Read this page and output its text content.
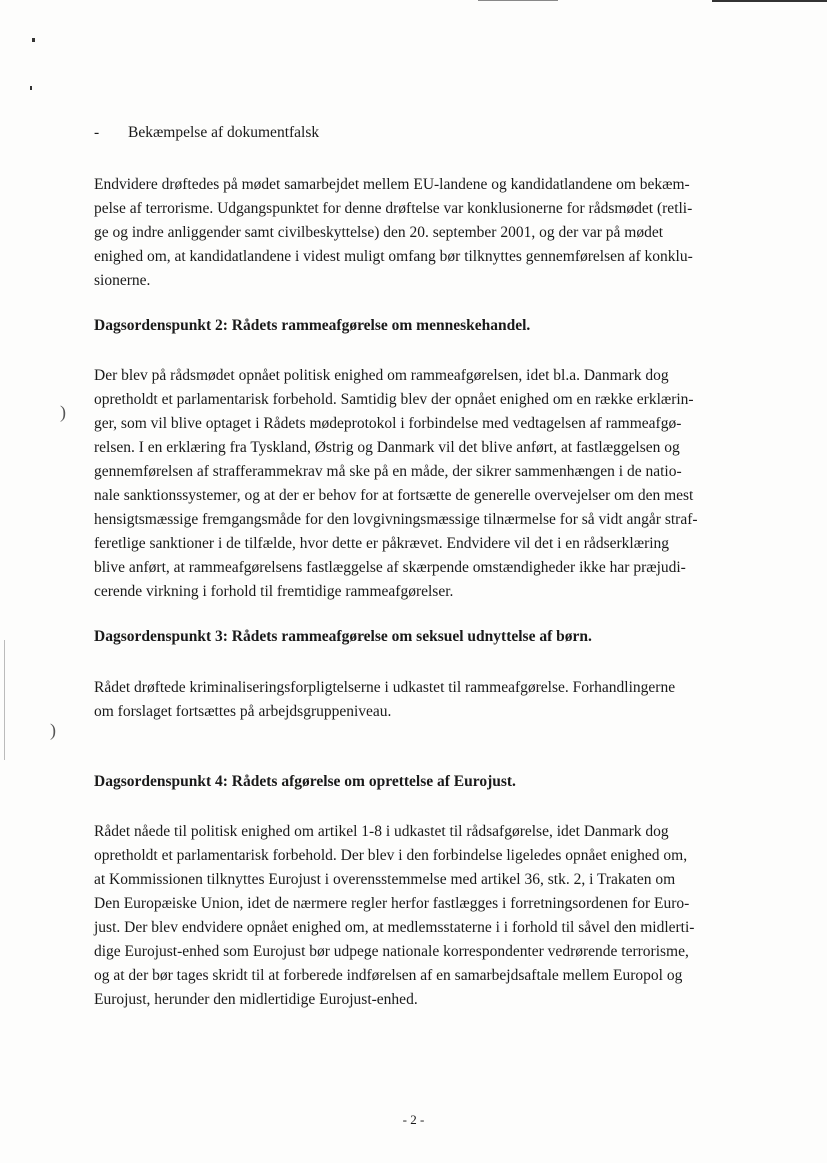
)
)
- Bekæmpelse af dokumentfalsk
Endvidere drøftedes på mødet samarbejdet mellem EU-landene og kandidatlandene om bekæm-
pelse af terrorisme. Udgangspunktet for denne drøftelse var konklusionerne for rådsmødet (retli-
ge og indre anliggender samt civilbeskyttelse) den 20. september 2001, og der var på mødet
enighed om, at kandidatlandene i videst muligt omfang bør tilknyttes gennemførelsen af konklu-
sionerne.
Dagsordenspunkt 2: Rådets rammeafgørelse om menneskehandel.
Der blev på rådsmødet opnået politisk enighed om rammeafgørelsen, idet bl.a. Danmark dog
opretholdt et parlamentarisk forbehold. Samtidig blev der opnået enighed om en række erklærin-
ger, som vil blive optaget i Rådets mødeprotokol i forbindelse med vedtagelsen af rammeafgø-
relsen. I en erklæring fra Tyskland, Østrig og Danmark vil det blive anført, at fastlæggelsen og
gennemførelsen af strafferammekrav må ske på en måde, der sikrer sammenhængen i de natio-
nale sanktionssystemer, og at der er behov for at fortsætte de generelle overvejelser om den mest
hensigtsmæssige fremgangsmåde for den lovgivningsmæssige tilnærmelse for så vidt angår straf-
feretlige sanktioner i de tilfælde, hvor dette er påkrævet. Endvidere vil det i en rådserklæring
blive anført, at rammeafgørelsens fastlæggelse af skærpende omstændigheder ikke har præjudi-
cerende virkning i forhold til fremtidige rammeafgørelser.
Dagsordenspunkt 3: Rådets rammeafgørelse om seksuel udnyttelse af børn.
Rådet drøftede kriminaliseringsforpligtelserne i udkastet til rammeafgørelse. Forhandlingerne
om forslaget fortsættes på arbejdsgruppeniveau.
Dagsordenspunkt 4: Rådets afgørelse om oprettelse af Eurojust.
Rådet nåede til politisk enighed om artikel 1-8 i udkastet til rådsafgørelse, idet Danmark dog
opretholdt et parlamentarisk forbehold. Der blev i den forbindelse ligeledes opnået enighed om,
at Kommissionen tilknyttes Eurojust i overensstemmelse med artikel 36, stk. 2, i Trakaten om
Den Europæiske Union, idet de nærmere regler herfor fastlægges i forretningsordenen for Euro-
just. Der blev endvidere opnået enighed om, at medlemsstaterne i i forhold til såvel den midlerti-
dige Eurojust-enhed som Eurojust bør udpege nationale korrespondenter vedrørende terrorisme,
og at der bør tages skridt til at forberede indførelsen af en samarbejdsaftale mellem Europol og
Eurojust, herunder den midlertidige Eurojust-enhed.
- 2 -
